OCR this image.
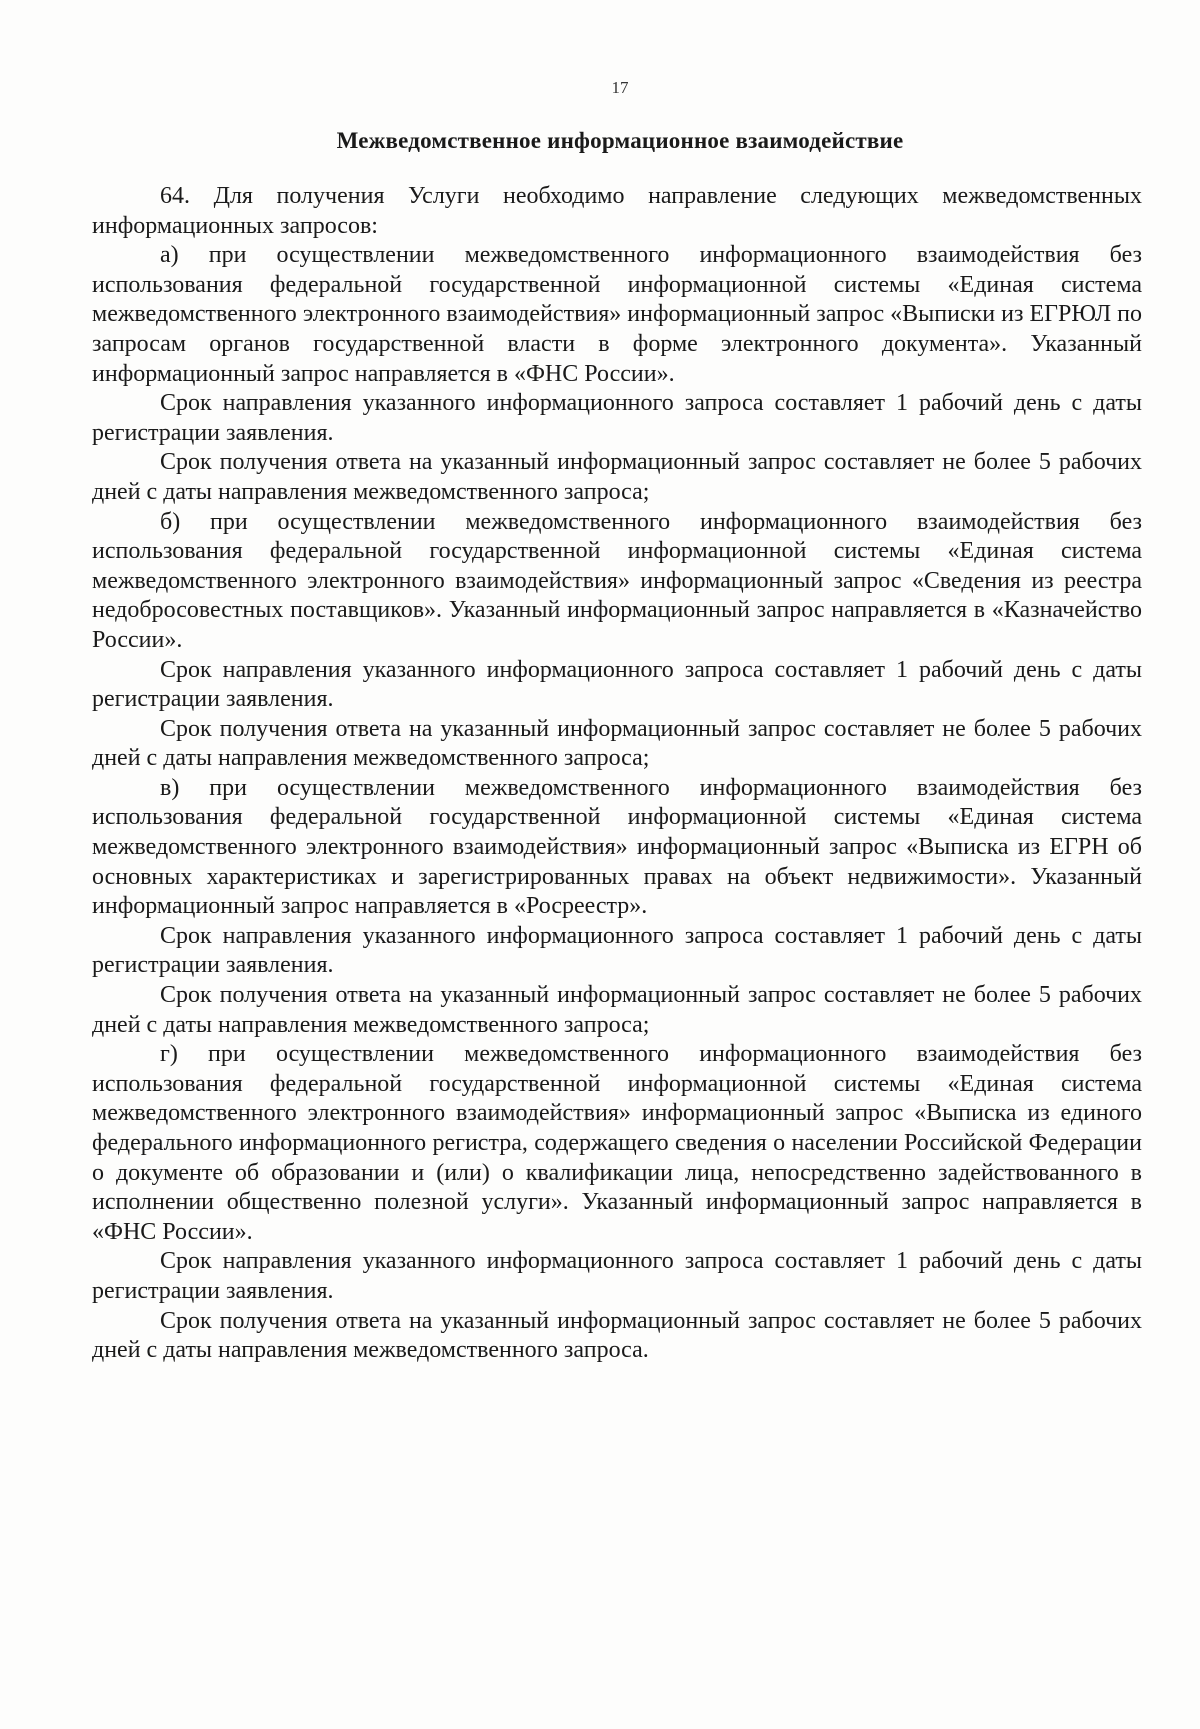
17
Межведомственное информационное взаимодействие

64. Для получения Услуги необходимо направление следующих межведомственных информационных запросов:

а) при осуществлении межведомственного информационного взаимодействия без использования федеральной государственной информационной системы «Единая система межведомственного электронного взаимодействия» информационный запрос «Выписки из ЕГРЮЛ по запросам органов государственной власти в форме электронного документа». Указанный информационный запрос направляется в «ФНС России».

Срок направления указанного информационного запроса составляет 1 рабочий день с даты регистрации заявления.

Срок получения ответа на указанный информационный запрос составляет не более 5 рабочих дней с даты направления межведомственного запроса;

б) при осуществлении межведомственного информационного взаимодействия без использования федеральной государственной информационной системы «Единая система межведомственного электронного взаимодействия» информационный запрос «Сведения из реестра недобросовестных поставщиков». Указанный информационный запрос направляется в «Казначейство России».

Срок направления указанного информационного запроса составляет 1 рабочий день с даты регистрации заявления.

Срок получения ответа на указанный информационный запрос составляет не более 5 рабочих дней с даты направления межведомственного запроса;

в) при осуществлении межведомственного информационного взаимодействия без использования федеральной государственной информационной системы «Единая система межведомственного электронного взаимодействия» информационный запрос «Выписка из ЕГРН об основных характеристиках и зарегистрированных правах на объект недвижимости». Указанный информационный запрос направляется в «Росреестр».

Срок направления указанного информационного запроса составляет 1 рабочий день с даты регистрации заявления.

Срок получения ответа на указанный информационный запрос составляет не более 5 рабочих дней с даты направления межведомственного запроса;

г) при осуществлении межведомственного информационного взаимодействия без использования федеральной государственной информационной системы «Единая система межведомственного электронного взаимодействия» информационный запрос «Выписка из единого федерального информационного регистра, содержащего сведения о населении Российской Федерации о документе об образовании и (или) о квалификации лица, непосредственно задействованного в исполнении общественно полезной услуги». Указанный информационный запрос направляется в «ФНС России».

Срок направления указанного информационного запроса составляет 1 рабочий день с даты регистрации заявления.

Срок получения ответа на указанный информационный запрос составляет не более 5 рабочих дней с даты направления межведомственного запроса.
